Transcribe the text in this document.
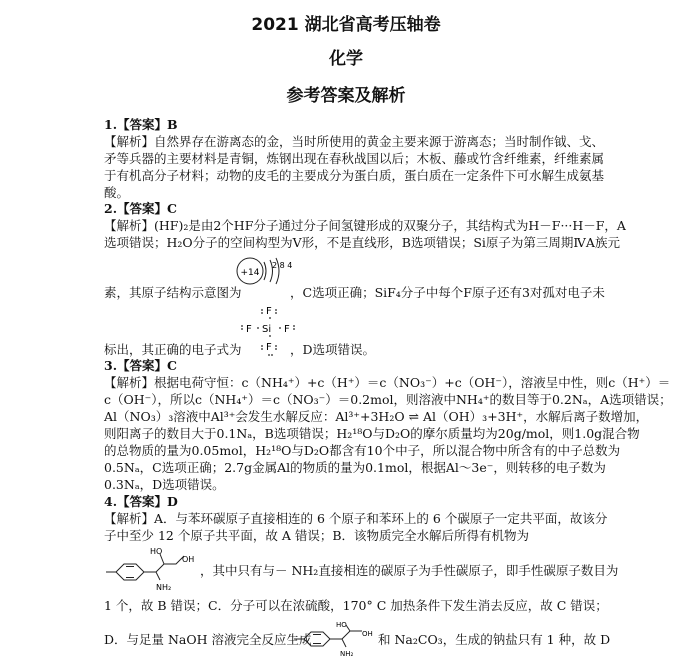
2021 湖北省高考压轴卷
化学
参考答案及解析
1.【答案】B
【解析】自然界存在游离态的金，当时所使用的黄金主要来源于游离态；当时制作钺、戈、
矛等兵器的主要材料是青铜，炼钢出现在春秋战国以后；木板、藤或竹含纤维素，纤维素属
于有机高分子材料；动物的皮毛的主要成分为蛋白质，蛋白质在一定条件下可水解生成氨基
酸。
2.【答案】C
【解析】(HF)₂是由2个HF分子通过分子间氢键形成的双聚分子，其结构式为H－F···H－F，A
选项错误；H₂O分子的空间构型为V形，不是直线形，B选项错误；Si原子为第三周期ⅣA族元
+14
2 8 4
素，其原子结构示意图为	，C选项正确；SiF₄分子中每个F原子还有3对孤对电子未
F
Si
F	F
F
标出，其正确的电子式为	，D选项错误。
3.【答案】C
【解析】根据电荷守恒：c（NH₄⁺）+c（H⁺）＝c（NO₃⁻）+c（OH⁻），溶液呈中性，则c（H⁺）＝
c（OH⁻），所以c（NH₄⁺）＝c（NO₃⁻）＝0.2mol，则溶液中NH₄⁺的数目等于0.2Nₐ，A选项错误；
Al（NO₃）₃溶液中Al³⁺会发生水解反应：Al³⁺+3H₂O ⇌ Al（OH）₃+3H⁺，水解后离子数增加，
则阳离子的数目大于0.1Nₐ，B选项错误；H₂¹⁸O与D₂O的摩尔质量均为20g/mol，则1.0g混合物
的总物质的量为0.05mol，H₂¹⁸O与D₂O都含有10个中子，所以混合物中所含有的中子总数为
0.5Nₐ，C选项正确；2.7g金属Al的物质的量为0.1mol，根据Al～3e⁻，则转移的电子数为
0.3Nₐ，D选项错误。
4.【答案】D
【解析】A．与苯环碳原子直接相连的 6 个原子和苯环上的 6 个碳原子一定共平面，故该分
子中至少 12 个原子共平面，故 A 错误；B．该物质完全水解后所得有机物为
HO
OH
NH₂
，其中只有与－ NH₂直接相连的碳原子为手性碳原子，即手性碳原子数目为
1 个，故 B 错误；C．分子可以在浓硫酸，170° C 加热条件下发生消去反应，故 C 错误；
D．与足量 NaOH 溶液完全反应生成
HO
OH
NH₂
和 Na₂CO₃，生成的钠盐只有 1 种，故 D
